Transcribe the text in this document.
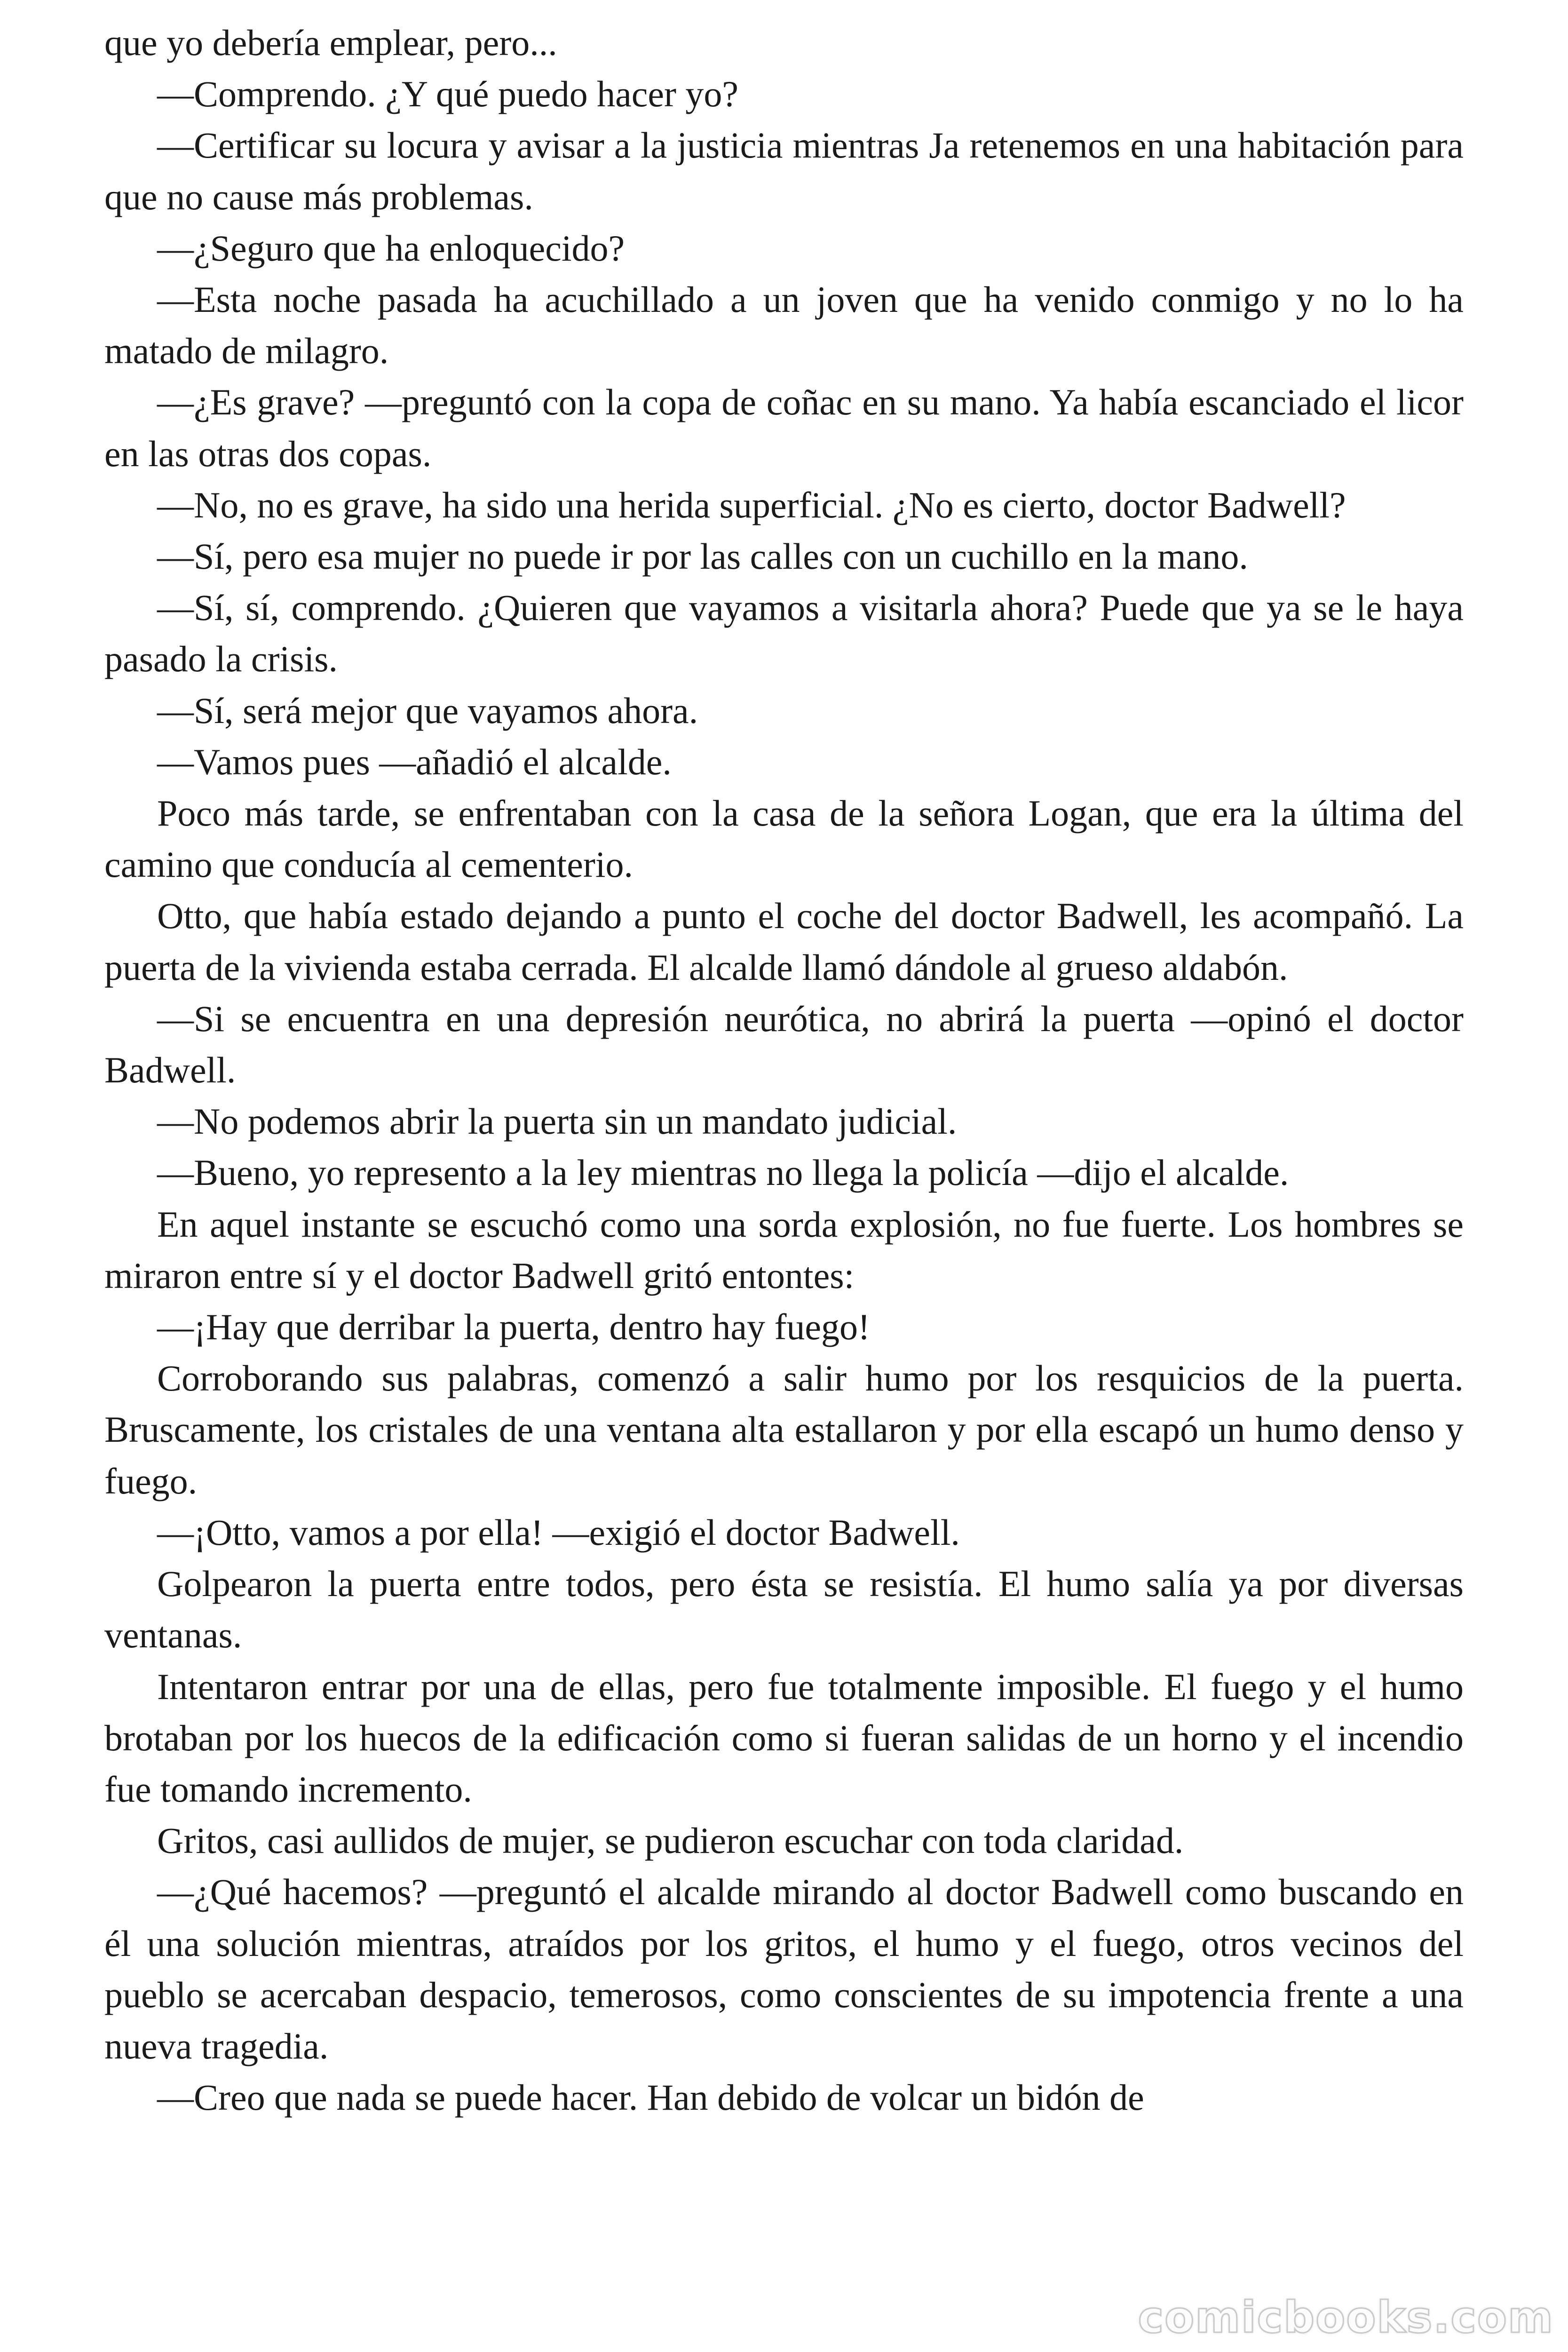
que yo debería emplear, pero...

—Comprendo. ¿Y qué puedo hacer yo?

—Certificar su locura y avisar a la justicia mientras Ja retenemos en una habitación para que no cause más problemas.

—¿Seguro que ha enloquecido?

—Esta noche pasada ha acuchillado a un joven que ha venido conmigo y no lo ha matado de milagro.

—¿Es grave? —preguntó con la copa de coñac en su mano. Ya había escanciado el licor en las otras dos copas.

—No, no es grave, ha sido una herida superficial. ¿No es cierto, doctor Badwell?

—Sí, pero esa mujer no puede ir por las calles con un cuchillo en la mano.

—Sí, sí, comprendo. ¿Quieren que vayamos a visitarla ahora? Puede que ya se le haya pasado la crisis.

—Sí, será mejor que vayamos ahora.

—Vamos pues —añadió el alcalde.

Poco más tarde, se enfrentaban con la casa de la señora Logan, que era la última del camino que conducía al cementerio.

Otto, que había estado dejando a punto el coche del doctor Badwell, les acompañó. La puerta de la vivienda estaba cerrada. El alcalde llamó dándole al grueso aldabón.

—Si se encuentra en una depresión neurótica, no abrirá la puerta —opinó el doctor Badwell.

—No podemos abrir la puerta sin un mandato judicial.

—Bueno, yo represento a la ley mientras no llega la policía —dijo el alcalde.

En aquel instante se escuchó como una sorda explosión, no fue fuerte. Los hombres se miraron entre sí y el doctor Badwell gritó entontes:

—¡Hay que derribar la puerta, dentro hay fuego!

Corroborando sus palabras, comenzó a salir humo por los resquicios de la puerta. Bruscamente, los cristales de una ventana alta estallaron y por ella escapó un humo denso y fuego.

—¡Otto, vamos a por ella! —exigió el doctor Badwell.

Golpearon la puerta entre todos, pero ésta se resistía. El humo salía ya por diversas ventanas.

Intentaron entrar por una de ellas, pero fue totalmente imposible. El fuego y el humo brotaban por los huecos de la edificación como si fueran salidas de un horno y el incendio fue tomando incremento.

Gritos, casi aullidos de mujer, se pudieron escuchar con toda claridad.

—¿Qué hacemos? —preguntó el alcalde mirando al doctor Badwell como buscando en él una solución mientras, atraídos por los gritos, el humo y el fuego, otros vecinos del pueblo se acercaban despacio, temerosos, como conscientes de su impotencia frente a una nueva tragedia.

—Creo que nada se puede hacer. Han debido de volcar un bidón de

comicbooks.com
